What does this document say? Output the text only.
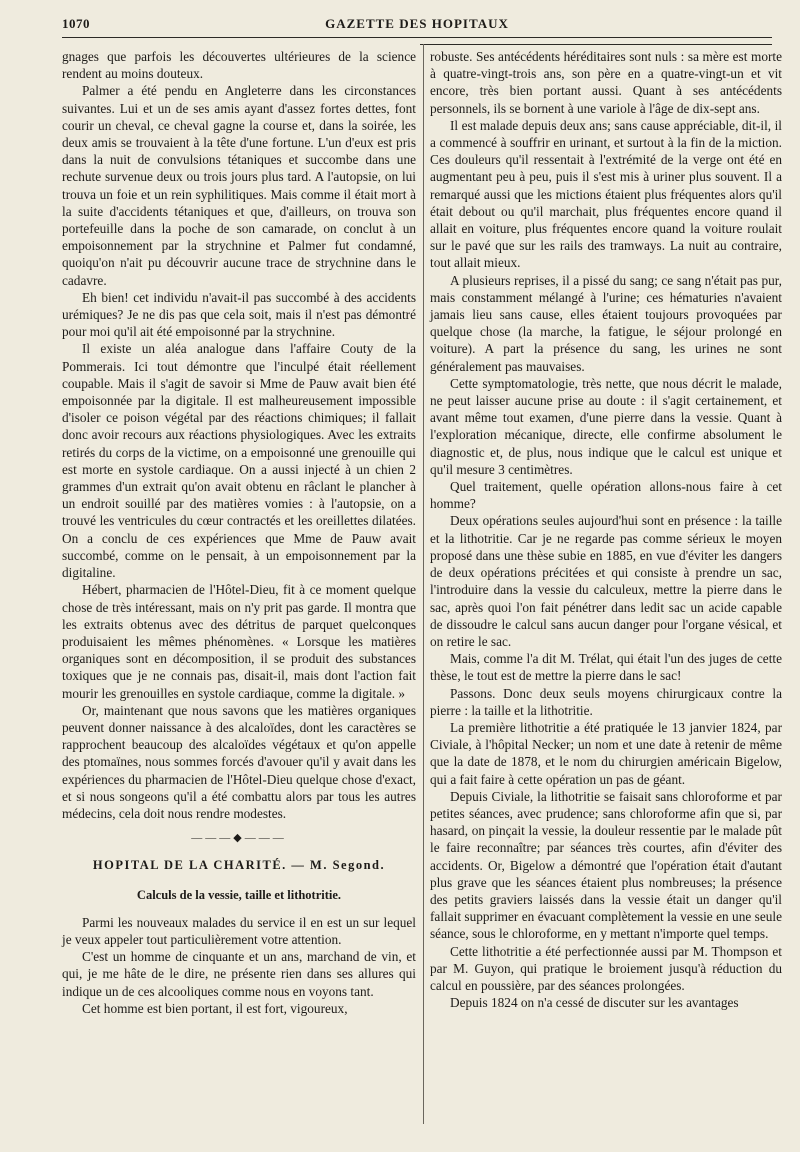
1070	GAZETTE DES HOPITAUX

gnages que parfois les découvertes ultérieures de la science rendent au moins douteux.

Palmer a été pendu en Angleterre dans les circonstances suivantes. Lui et un de ses amis ayant d'assez fortes dettes, font courir un cheval, ce cheval gagne la course et, dans la soirée, les deux amis se trouvaient à la tête d'une fortune. L'un d'eux est pris dans la nuit de convulsions tétaniques et succombe dans une rechute survenue deux ou trois jours plus tard. A l'autopsie, on lui trouva un foie et un rein syphilitiques. Mais comme il était mort à la suite d'accidents tétaniques et que, d'ailleurs, on trouva son portefeuille dans la poche de son camarade, on conclut à un empoisonnement par la strychnine et Palmer fut condamné, quoiqu'on n'ait pu découvrir aucune trace de strychnine dans le cadavre.

Eh bien! cet individu n'avait-il pas succombé à des accidents urémiques? Je ne dis pas que cela soit, mais il n'est pas démontré pour moi qu'il ait été empoisonné par la strychnine.

Il existe un aléa analogue dans l'affaire Couty de la Pommerais. Ici tout démontre que l'inculpé était réellement coupable. Mais il s'agit de savoir si Mme de Pauw avait bien été empoisonnée par la digitale. Il est malheureusement impossible d'isoler ce poison végétal par des réactions chimiques; il fallait donc avoir recours aux réactions physiologiques. Avec les extraits retirés du corps de la victime, on a empoisonné une grenouille qui est morte en systole cardiaque. On a aussi injecté à un chien 2 grammes d'un extrait qu'on avait obtenu en râclant le plancher à un endroit souillé par des matières vomies : à l'autopsie, on a trouvé les ventricules du cœur contractés et les oreillettes dilatées. On a conclu de ces expériences que Mme de Pauw avait succombé, comme on le pensait, à un empoisonnement par la digitaline.

Hébert, pharmacien de l'Hôtel-Dieu, fit à ce moment quelque chose de très intéressant, mais on n'y prit pas garde. Il montra que les extraits obtenus avec des détritus de parquet quelconques produisaient les mêmes phénomènes. « Lorsque les matières organiques sont en décomposition, il se produit des substances toxiques que je ne connais pas, disait-il, mais dont l'action fait mourir les grenouilles en systole cardiaque, comme la digitale. »

Or, maintenant que nous savons que les matières organiques peuvent donner naissance à des alcaloïdes, dont les caractères se rapprochent beaucoup des alcaloïdes végétaux et qu'on appelle des ptomaïnes, nous sommes forcés d'avouer qu'il y avait dans les expériences du pharmacien de l'Hôtel-Dieu quelque chose d'exact, et si nous songeons qu'il a été combattu alors par tous les autres médecins, cela doit nous rendre modestes.

———◆———
HOPITAL DE LA CHARITÉ. — M. Segond.
Calculs de la vessie, taille et lithotritie.

Parmi les nouveaux malades du service il en est un sur lequel je veux appeler tout particulièrement votre attention.

C'est un homme de cinquante et un ans, marchand de vin, et qui, je me hâte de le dire, ne présente rien dans ses allures qui indique un de ces alcooliques comme nous en voyons tant.

Cet homme est bien portant, il est fort, vigoureux,

robuste. Ses antécédents héréditaires sont nuls : sa mère est morte à quatre-vingt-trois ans, son père en a quatre-vingt-un et vit encore, très bien portant aussi. Quant à ses antécédents personnels, ils se bornent à une variole à l'âge de dix-sept ans.

Il est malade depuis deux ans; sans cause appréciable, dit-il, il a commencé à souffrir en urinant, et surtout à la fin de la miction. Ces douleurs qu'il ressentait à l'extrémité de la verge ont été en augmentant peu à peu, puis il s'est mis à uriner plus souvent. Il a remarqué aussi que les mictions étaient plus fréquentes alors qu'il était debout ou qu'il marchait, plus fréquentes encore quand il allait en voiture, plus fréquentes encore quand la voiture roulait sur le pavé que sur les rails des tramways. La nuit au contraire, tout allait mieux.

A plusieurs reprises, il a pissé du sang; ce sang n'était pas pur, mais constamment mélangé à l'urine; ces hématuries n'avaient jamais lieu sans cause, elles étaient toujours provoquées par quelque chose (la marche, la fatigue, le séjour prolongé en voiture). A part la présence du sang, les urines ne sont généralement pas mauvaises.

Cette symptomatologie, très nette, que nous décrit le malade, ne peut laisser aucune prise au doute : il s'agit certainement, et avant même tout examen, d'une pierre dans la vessie. Quant à l'exploration mécanique, directe, elle confirme absolument le diagnostic et, de plus, nous indique que le calcul est unique et qu'il mesure 3 centimètres.

Quel traitement, quelle opération allons-nous faire à cet homme?

Deux opérations seules aujourd'hui sont en présence : la taille et la lithotritie. Car je ne regarde pas comme sérieux le moyen proposé dans une thèse subie en 1885, en vue d'éviter les dangers de deux opérations précitées et qui consiste à prendre un sac, l'introduire dans la vessie du calculeux, mettre la pierre dans le sac, après quoi l'on fait pénétrer dans ledit sac un acide capable de dissoudre le calcul sans aucun danger pour l'organe vésical, et on retire le sac.

Mais, comme l'a dit M. Trélat, qui était l'un des juges de cette thèse, le tout est de mettre la pierre dans le sac!

Passons. Donc deux seuls moyens chirurgicaux contre la pierre : la taille et la lithotritie.

La première lithotritie a été pratiquée le 13 janvier 1824, par Civiale, à l'hôpital Necker; un nom et une date à retenir de même que la date de 1878, et le nom du chirurgien américain Bigelow, qui a fait faire à cette opération un pas de géant.

Depuis Civiale, la lithotritie se faisait sans chloroforme et par petites séances, avec prudence; sans chloroforme afin que si, par hasard, on pinçait la vessie, la douleur ressentie par le malade pût le faire reconnaître; par séances très courtes, afin d'éviter des accidents. Or, Bigelow a démontré que l'opération était d'autant plus grave que les séances étaient plus nombreuses; la présence des petits graviers laissés dans la vessie était un danger qu'il fallait supprimer en évacuant complètement la vessie en une seule séance, sous le chloroforme, en y mettant n'importe quel temps.

Cette lithotritie a été perfectionnée aussi par M. Thompson et par M. Guyon, qui pratique le broiement jusqu'à réduction du calcul en poussière, par des séances prolongées.

Depuis 1824 on n'a cessé de discuter sur les avantages
